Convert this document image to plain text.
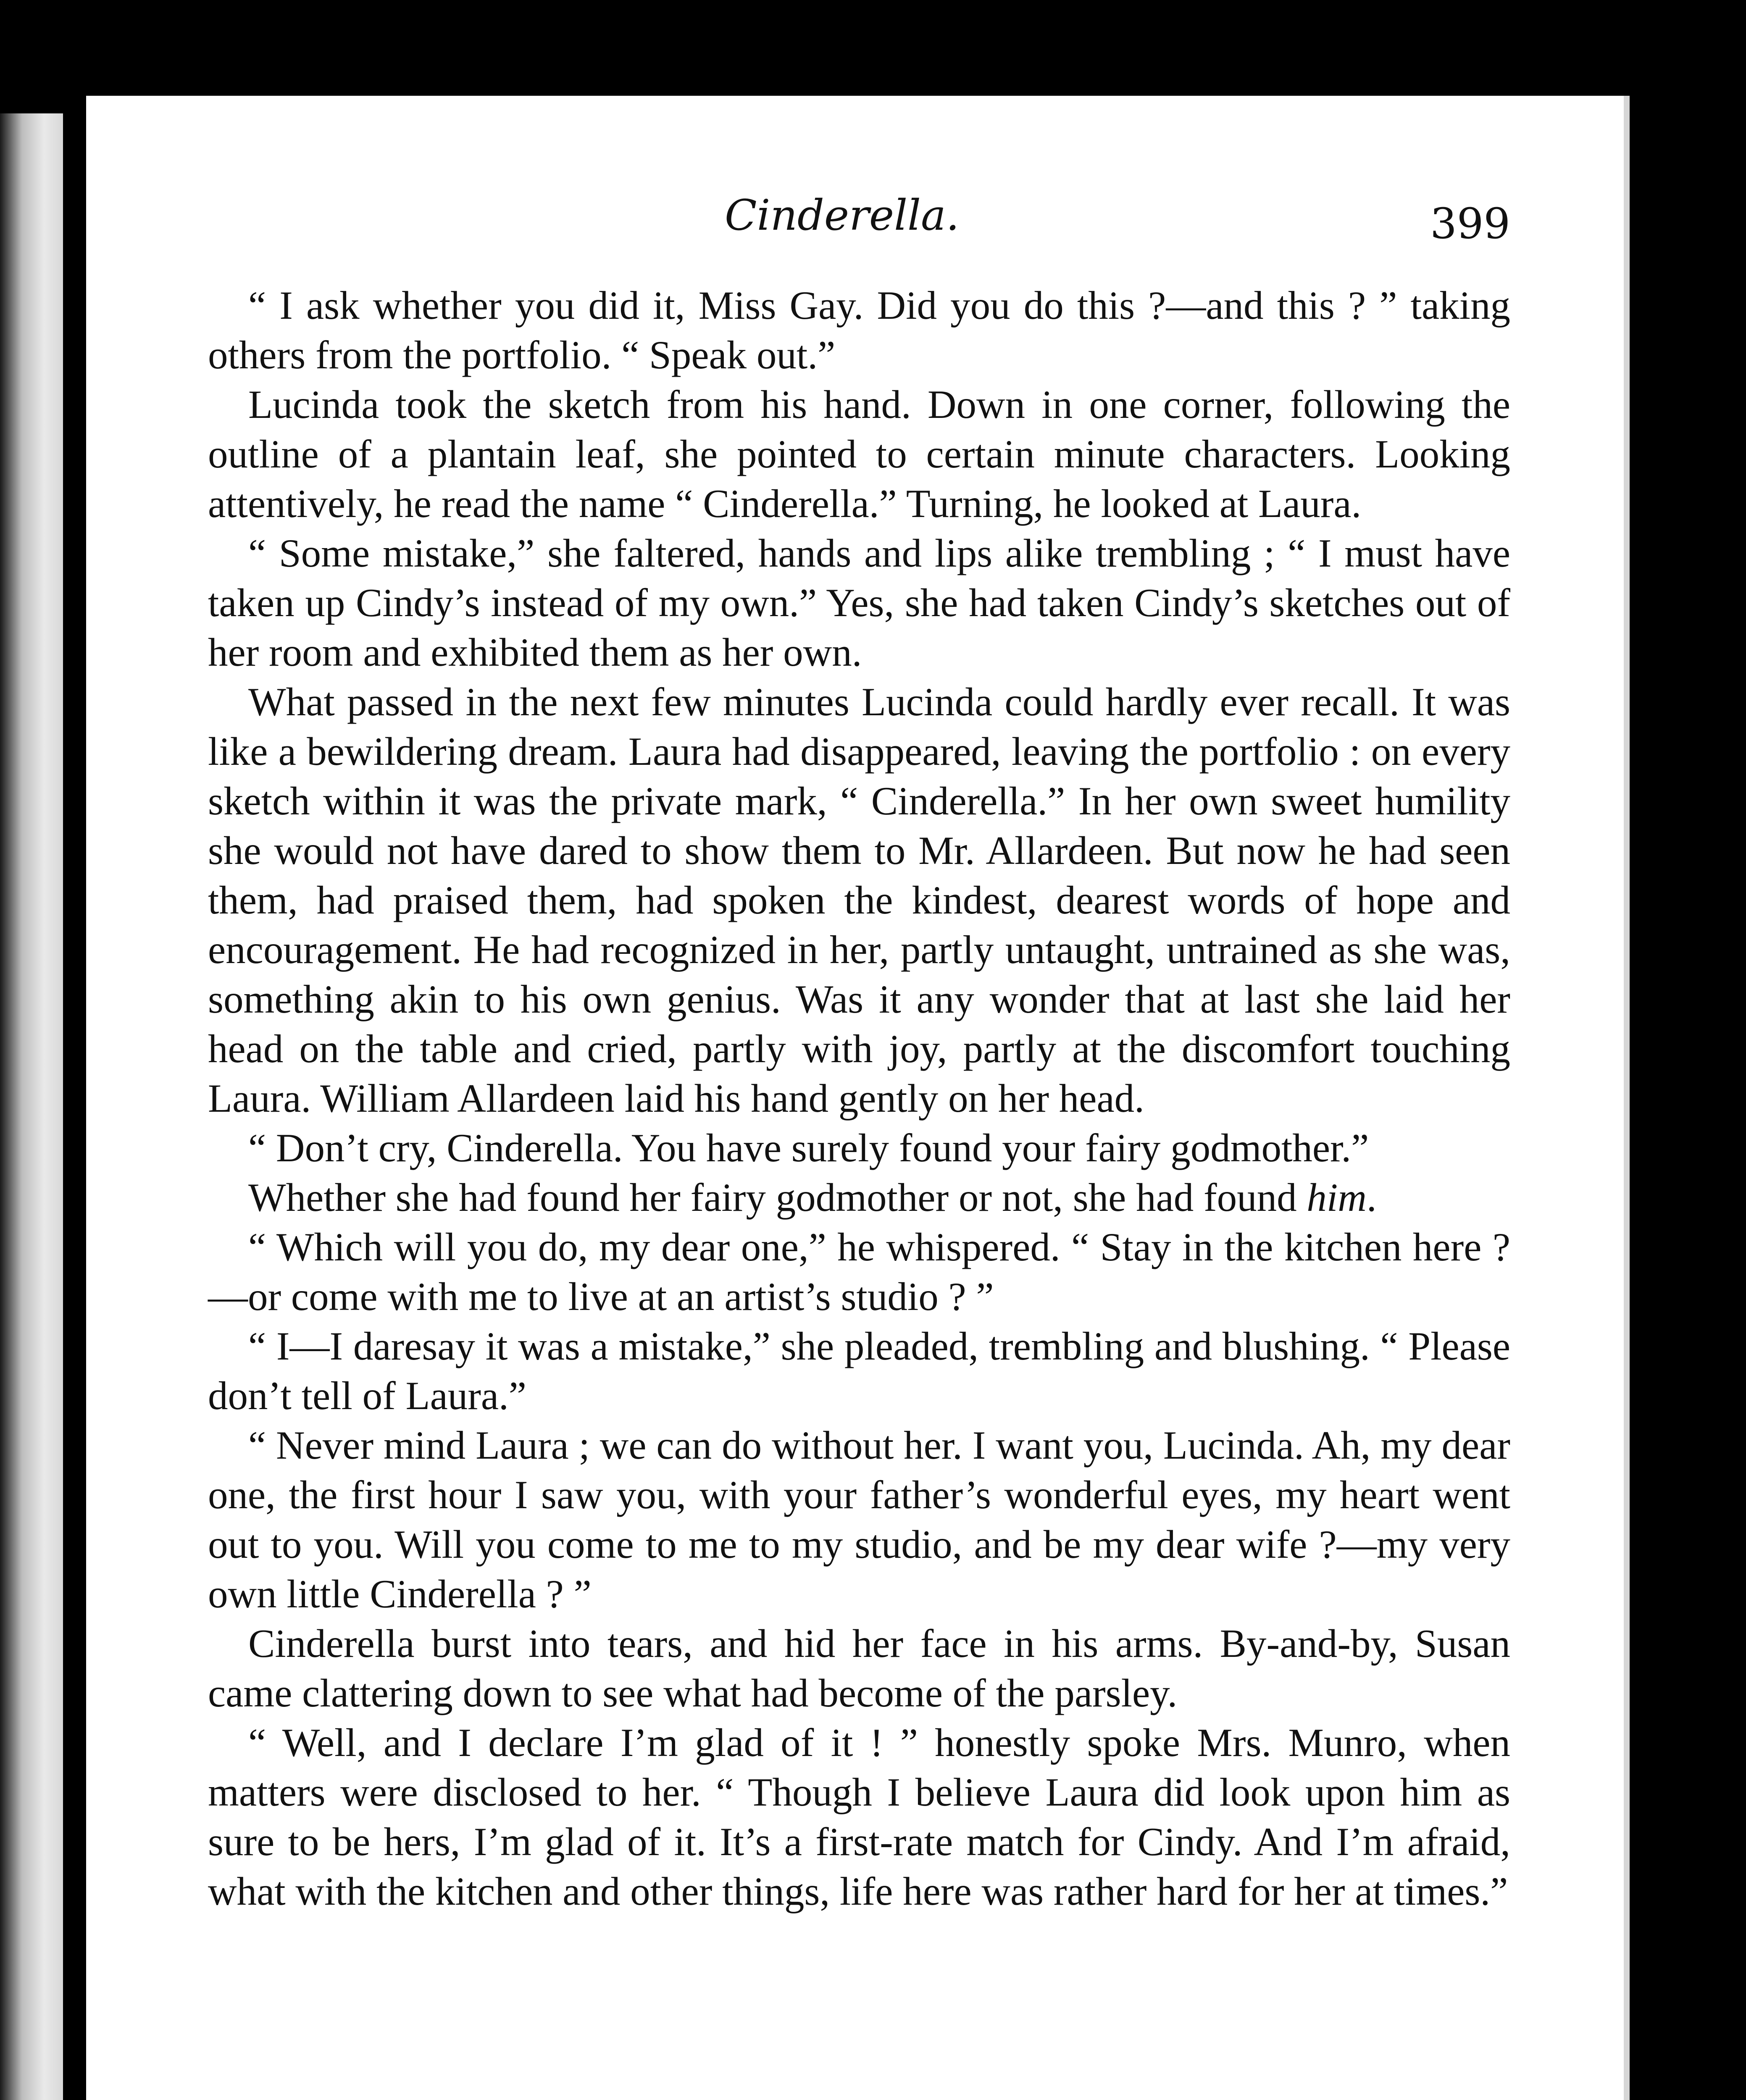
Cinderella.	399

“ I ask whether you did it, Miss Gay. Did you do this ?—and this ? ” taking others from the portfolio. “ Speak out.”

Lucinda took the sketch from his hand. Down in one corner, following the outline of a plantain leaf, she pointed to certain minute characters. Looking attentively, he read the name “ Cinderella.” Turning, he looked at Laura.

“ Some mistake,” she faltered, hands and lips alike trembling ; “ I must have taken up Cindy’s instead of my own.” Yes, she had taken Cindy’s sketches out of her room and exhibited them as her own.

What passed in the next few minutes Lucinda could hardly ever recall. It was like a bewildering dream. Laura had disappeared, leaving the portfolio : on every sketch within it was the private mark, “ Cinderella.” In her own sweet humility she would not have dared to show them to Mr. Allardeen. But now he had seen them, had praised them, had spoken the kindest, dearest words of hope and encouragement. He had recognized in her, partly untaught, untrained as she was, something akin to his own genius. Was it any wonder that at last she laid her head on the table and cried, partly with joy, partly at the discomfort touching Laura. William Allardeen laid his hand gently on her head.

“ Don’t cry, Cinderella. You have surely found your fairy godmother.”

Whether she had found her fairy godmother or not, she had found him.

“ Which will you do, my dear one,” he whispered. “ Stay in the kitchen here ?—or come with me to live at an artist’s studio ? ”

“ I—I daresay it was a mistake,” she pleaded, trembling and blushing. “ Please don’t tell of Laura.”

“ Never mind Laura ; we can do without her. I want you, Lucinda. Ah, my dear one, the first hour I saw you, with your father’s wonderful eyes, my heart went out to you. Will you come to me to my studio, and be my dear wife ?—my very own little Cinderella ? ”

Cinderella burst into tears, and hid her face in his arms. By-and-by, Susan came clattering down to see what had become of the parsley.

“ Well, and I declare I’m glad of it ! ” honestly spoke Mrs. Munro, when matters were disclosed to her. “ Though I believe Laura did look upon him as sure to be hers, I’m glad of it. It’s a first-rate match for Cindy. And I’m afraid, what with the kitchen and other things, life here was rather hard for her at times.”
